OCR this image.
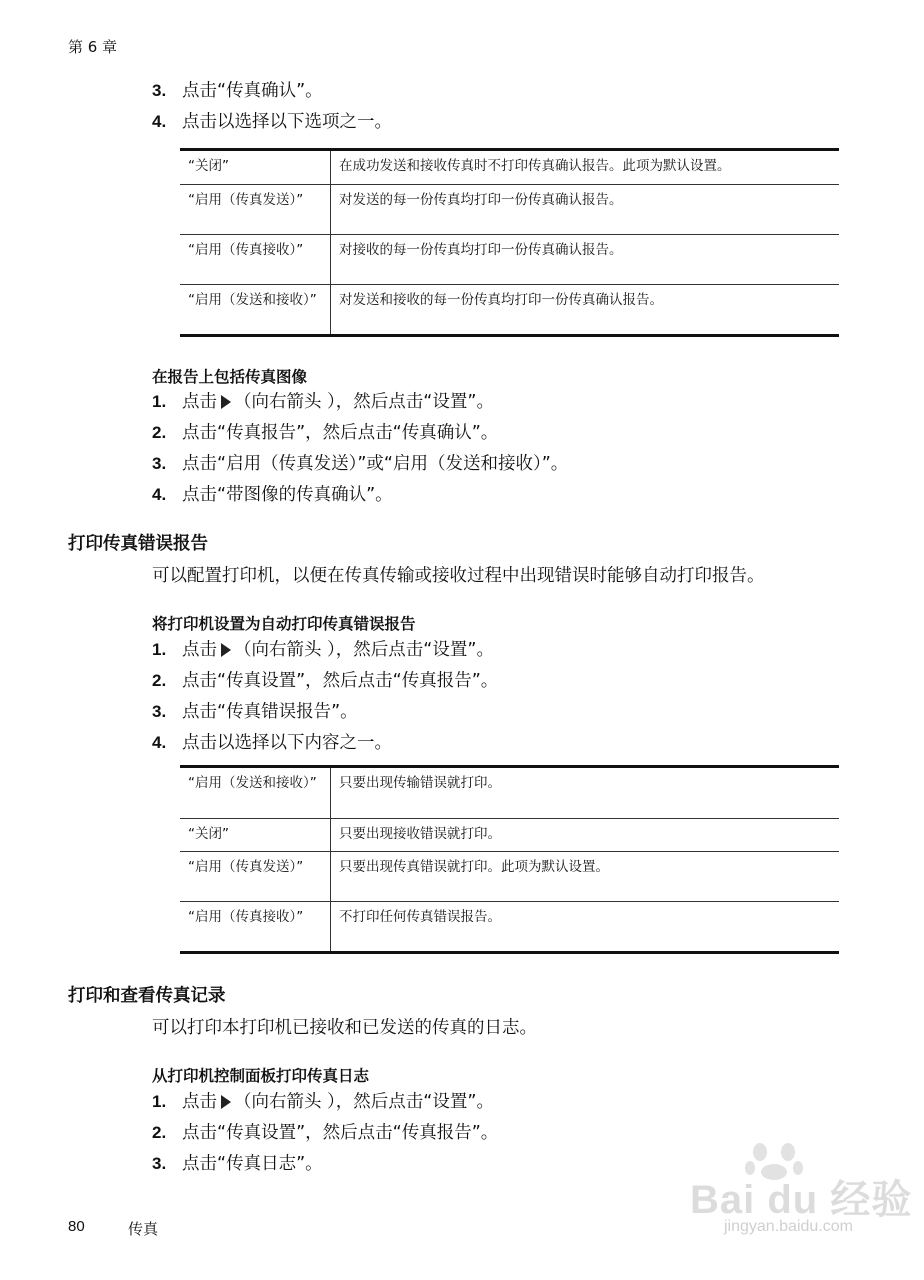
第 6 章
3. 点击“传真确认”。
4. 点击以选择以下选项之一。
“关闭”	在成功发送和接收传真时不打印传真确认报告。此项为默认设置。
“启用（传真发送）”	对发送的每一份传真均打印一份传真确认报告。
“启用（传真接收）”	对接收的每一份传真均打印一份传真确认报告。
“启用（发送和接收）”	对发送和接收的每一份传真均打印一份传真确认报告。
在报告上包括传真图像
1. 点击 （向右箭头 ），然后点击“设置”。
2. 点击“传真报告”，然后点击“传真确认”。
3. 点击“启用（传真发送）”或“启用（发送和接收）”。
4. 点击“带图像的传真确认”。
打印传真错误报告
可以配置打印机，以便在传真传输或接收过程中出现错误时能够自动打印报告。
将打印机设置为自动打印传真错误报告
1. 点击 （向右箭头 ），然后点击“设置”。
2. 点击“传真设置”，然后点击“传真报告”。
3. 点击“传真错误报告”。
4. 点击以选择以下内容之一。
“启用（发送和接收）”	只要出现传输错误就打印。
“关闭”	只要出现接收错误就打印。
“启用（传真发送）”	只要出现传真错误就打印。此项为默认设置。
“启用（传真接收）”	不打印任何传真错误报告。
打印和查看传真记录
可以打印本打印机已接收和已发送的传真的日志。
从打印机控制面板打印传真日志
1. 点击 （向右箭头 ），然后点击“设置”。
2. 点击“传真设置”，然后点击“传真报告”。
3. 点击“传真日志”。
80	传真
Bai du 经验
jingyan.baidu.com
